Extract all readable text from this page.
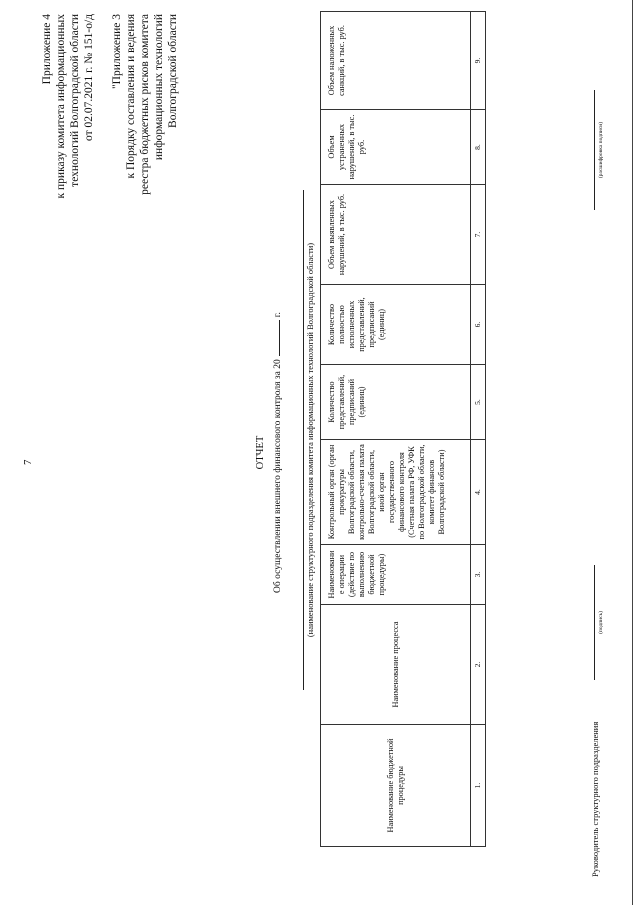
7
Приложение 4 к приказу комитета информационных технологий Волгоградской области от 02.07.2021 г. № 151-о/д "Приложение 3 к Порядку составления и ведения реестра бюджетных рисков комитета информационных технологий Волгоградской области
ОТЧЕТ Об осуществлении внешнего финансового контроля за 20г.	(наименование структурного подразделения комитета информационных технологий Волгоградской области)
Наименование бюджетной процедуры	Наименование процесса	Наименовани е операции (действие по выполнению бюджетной процедуры)	Контрольный орган (орган прокуратуры Волгоградской области, контрольно-счетная палата Волгоградской области, иной орган государственного финансового контроля (Счетная палата РФ, УФК по Волгоградской области, комитет финансов Волгоградской области)	Количество представлений, предписаний (единиц)	Количество полностью исполненных представлений, предписаний (единиц)	Объем выявленных нарушений, в тыс. руб.	Объем устраненных нарушений, в тыс. руб.	Объем наложенных санкций, в тыс. руб.
1.	2.	3.	4.	5.	6.	7.	8.	9.
Руководитель структурного подразделения
(подпись)
(расшифровка подписи)
